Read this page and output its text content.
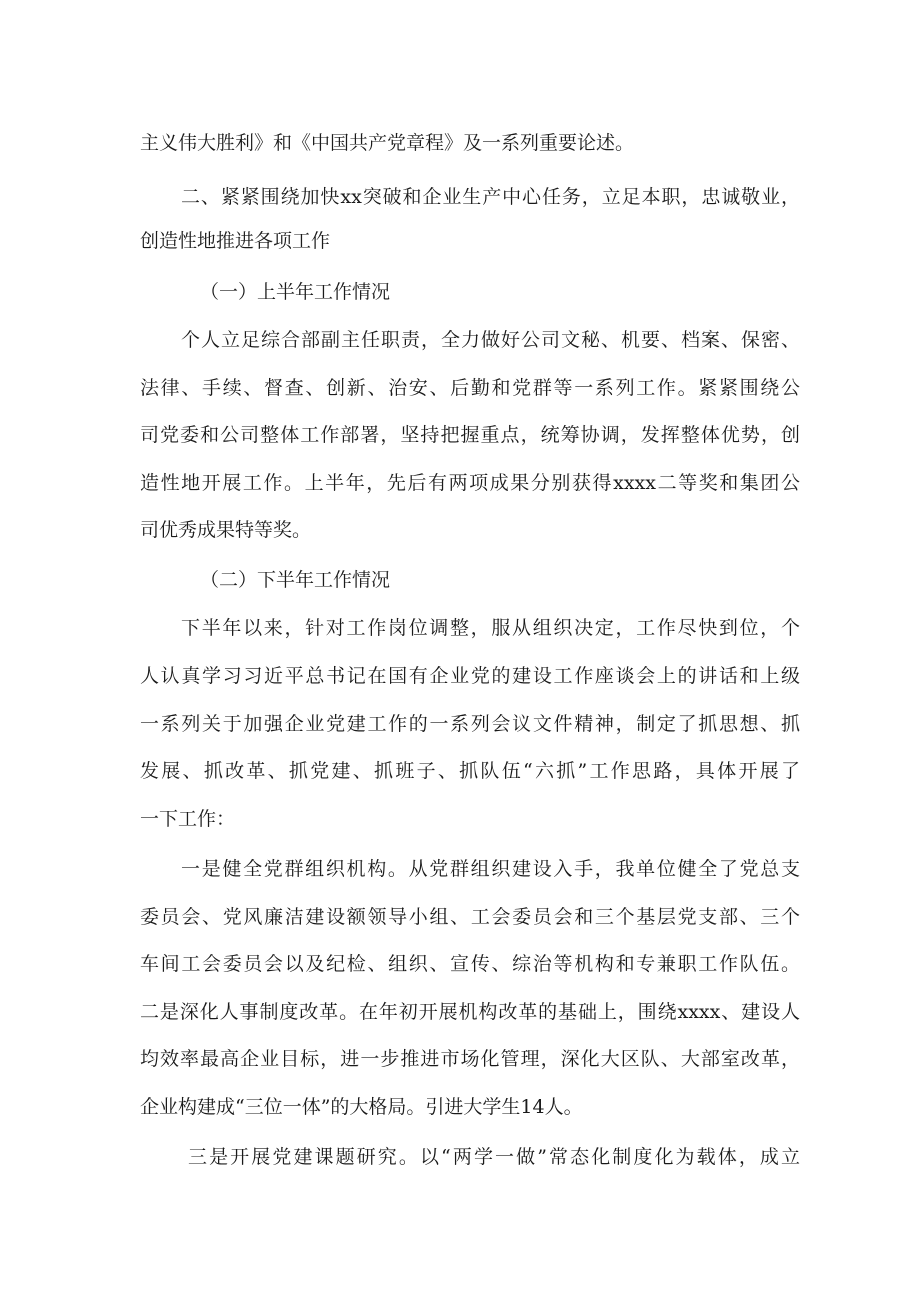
主义伟大胜利》和《中国共产党章程》及一系列重要论述。
二、紧紧围绕加快xx突破和企业生产中心任务，立足本职，忠诚敬业，
创造性地推进各项工作
（一）上半年工作情况
个人立足综合部副主任职责，全力做好公司文秘、机要、档案、保密、
法律、手续、督查、创新、治安、后勤和党群等一系列工作。紧紧围绕公
司党委和公司整体工作部署，坚持把握重点，统筹协调，发挥整体优势，创
造性地开展工作。上半年，先后有两项成果分别获得xxxx二等奖和集团公
司优秀成果特等奖。
（二）下半年工作情况
下半年以来，针对工作岗位调整，服从组织决定，工作尽快到位，个
人认真学习习近平总书记在国有企业党的建设工作座谈会上的讲话和上级
一系列关于加强企业党建工作的一系列会议文件精神，制定了抓思想、抓
发展、抓改革、抓党建、抓班子、抓队伍“六抓”工作思路，具体开展了
一下工作：
一是健全党群组织机构。从党群组织建设入手，我单位健全了党总支
委员会、党风廉洁建设额领导小组、工会委员会和三个基层党支部、三个
车间工会委员会以及纪检、组织、宣传、综治等机构和专兼职工作队伍。
二是深化人事制度改革。在年初开展机构改革的基础上，围绕xxxx、建设人
均效率最高企业目标，进一步推进市场化管理，深化大区队、大部室改革，
企业构建成“三位一体”的大格局。引进大学生14人。
三是开展党建课题研究。以“两学一做”常态化制度化为载体，成立
